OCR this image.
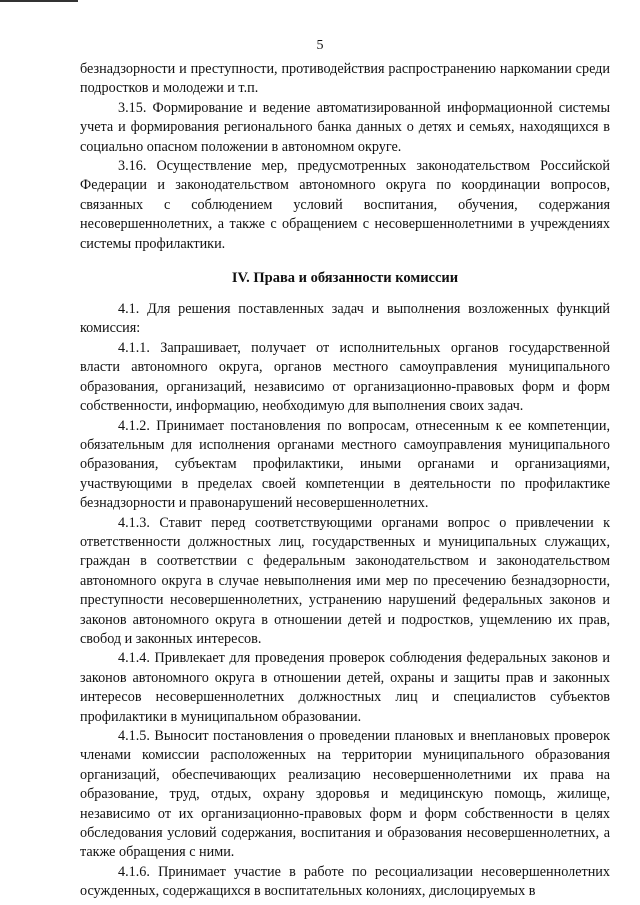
5

безнадзорности и преступности, противодействия распространению наркомании среди подростков и молодежи и т.п.

3.15. Формирование и ведение автоматизированной информационной системы учета и формирования регионального банка данных о детях и семьях, находящихся в социально опасном положении в автономном округе.

3.16. Осуществление мер, предусмотренных законодательством Российской Федерации и законодательством автономного округа по координации вопросов, связанных с соблюдением условий воспитания, обучения, содержания несовершеннолетних, а также с обращением с несовершеннолетними в учреждениях системы профилактики.

IV. Права и обязанности комиссии

4.1. Для решения поставленных задач и выполнения возложенных функций комиссия:

4.1.1. Запрашивает, получает от исполнительных органов государственной власти автономного округа, органов местного самоуправления муниципального образования, организаций, независимо от организационно-правовых форм и форм собственности, информацию, необходимую для выполнения своих задач.

4.1.2. Принимает постановления по вопросам, отнесенным к ее компетенции, обязательным для исполнения органами местного самоуправления муниципального образования, субъектам профилактики, иными органами и организациями, участвующими в пределах своей компетенции в деятельности по профилактике безнадзорности и правонарушений несовершеннолетних.

4.1.3. Ставит перед соответствующими органами вопрос о привлечении к ответственности должностных лиц, государственных и муниципальных служащих, граждан в соответствии с федеральным законодательством и законодательством автономного округа в случае невыполнения ими мер по пресечению безнадзорности, преступности несовершеннолетних, устранению нарушений федеральных законов и законов автономного округа в отношении детей и подростков, ущемлению их прав, свобод и законных интересов.

4.1.4. Привлекает для проведения проверок соблюдения федеральных законов и законов автономного округа в отношении детей, охраны и защиты прав и законных интересов несовершеннолетних должностных лиц и специалистов субъектов профилактики в муниципальном образовании.

4.1.5. Выносит постановления о проведении плановых и внеплановых проверок членами комиссии расположенных на территории муниципального образования организаций, обеспечивающих реализацию несовершеннолетними их права на образование, труд, отдых, охрану здоровья и медицинскую помощь, жилище, независимо от их организационно-правовых форм и форм собственности в целях обследования условий содержания, воспитания и образования несовершеннолетних, а также обращения с ними.

4.1.6. Принимает участие в работе по ресоциализации несовершеннолетних осужденных, содержащихся в воспитательных колониях, дислоцируемых в
